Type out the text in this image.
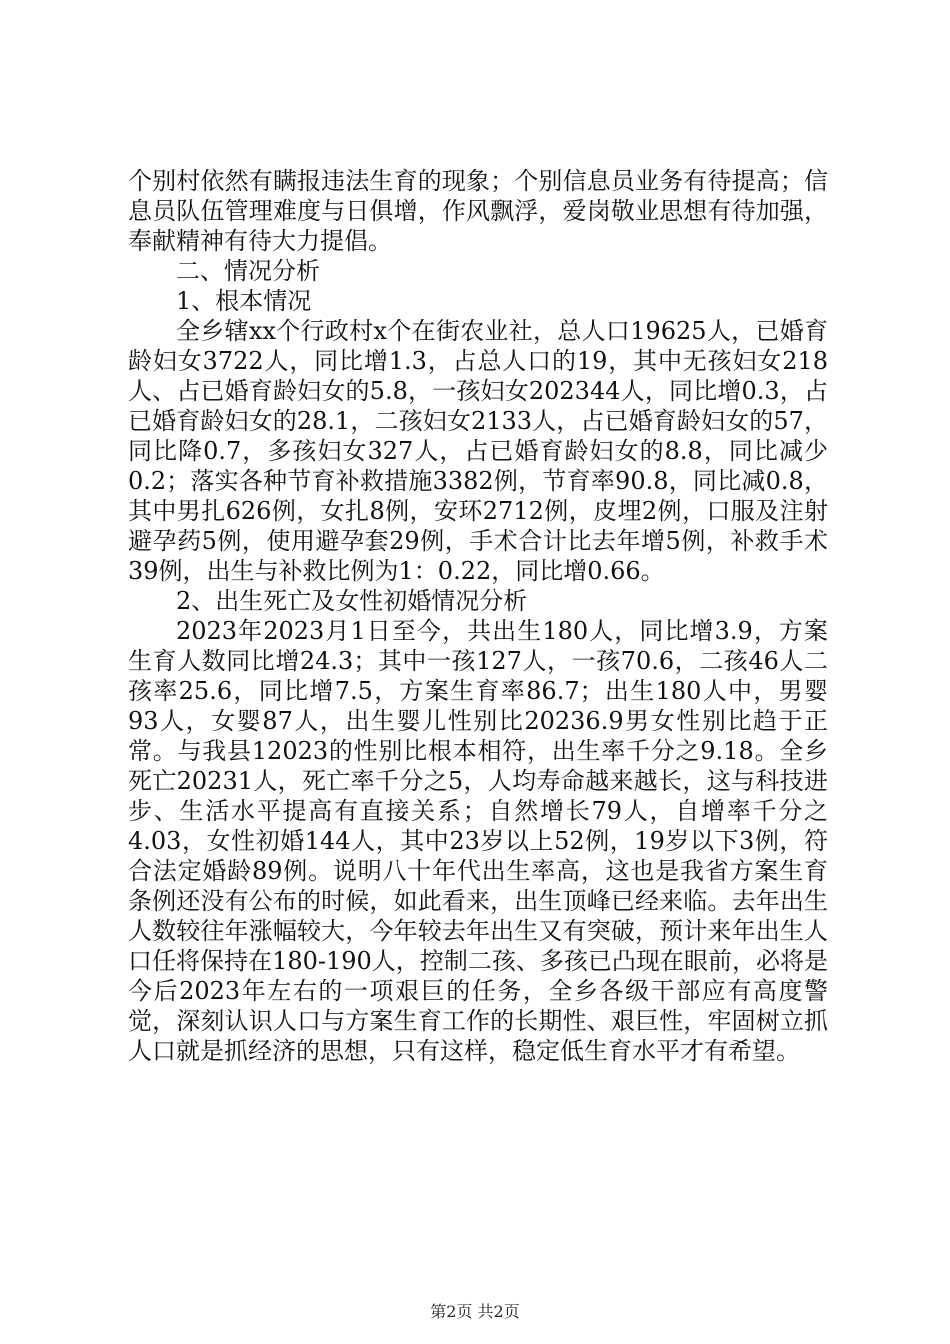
个别村依然有瞒报违法生育的现象；个别信息员业务有待提高；信息员队伍管理难度与日俱增，作风飘浮，爱岗敬业思想有待加强，奉献精神有待大力提倡。

二、情况分析

1、根本情况

全乡辖xx个行政村x个在街农业社，总人口19625人，已婚育龄妇女3722人，同比增1.3，占总人口的19，其中无孩妇女218人、占已婚育龄妇女的5.8，一孩妇女202344人，同比增0.3，占已婚育龄妇女的28.1，二孩妇女2133人，占已婚育龄妇女的57，同比降0.7，多孩妇女327人，占已婚育龄妇女的8.8，同比减少0.2；落实各种节育补救措施3382例，节育率90.8，同比减0.8，其中男扎626例，女扎8例，安环2712例，皮埋2例，口服及注射避孕药5例，使用避孕套29例，手术合计比去年增5例，补救手术39例，出生与补救比例为1：0.22，同比增0.66。

2、出生死亡及女性初婚情况分析

2023年2023月1日至今，共出生180人，同比增3.9，方案生育人数同比增24.3；其中一孩127人，一孩70.6，二孩46人二孩率25.6，同比增7.5，方案生育率86.7；出生180人中，男婴93人，女婴87人，出生婴儿性别比20236.9男女性别比趋于正常。与我县12023的性别比根本相符，出生率千分之9.18。全乡死亡20231人，死亡率千分之5，人均寿命越来越长，这与科技进步、生活水平提高有直接关系；自然增长79人，自增率千分之4.03，女性初婚144人，其中23岁以上52例，19岁以下3例，符合法定婚龄89例。说明八十年代出生率高，这也是我省方案生育条例还没有公布的时候，如此看来，出生顶峰已经来临。去年出生人数较往年涨幅较大，今年较去年出生又有突破，预计来年出生人口任将保持在180-190人，控制二孩、多孩已凸现在眼前，必将是今后2023年左右的一项艰巨的任务，全乡各级干部应有高度警觉，深刻认识人口与方案生育工作的长期性、艰巨性，牢固树立抓人口就是抓经济的思想，只有这样，稳定低生育水平才有希望。

第2页 共2页
